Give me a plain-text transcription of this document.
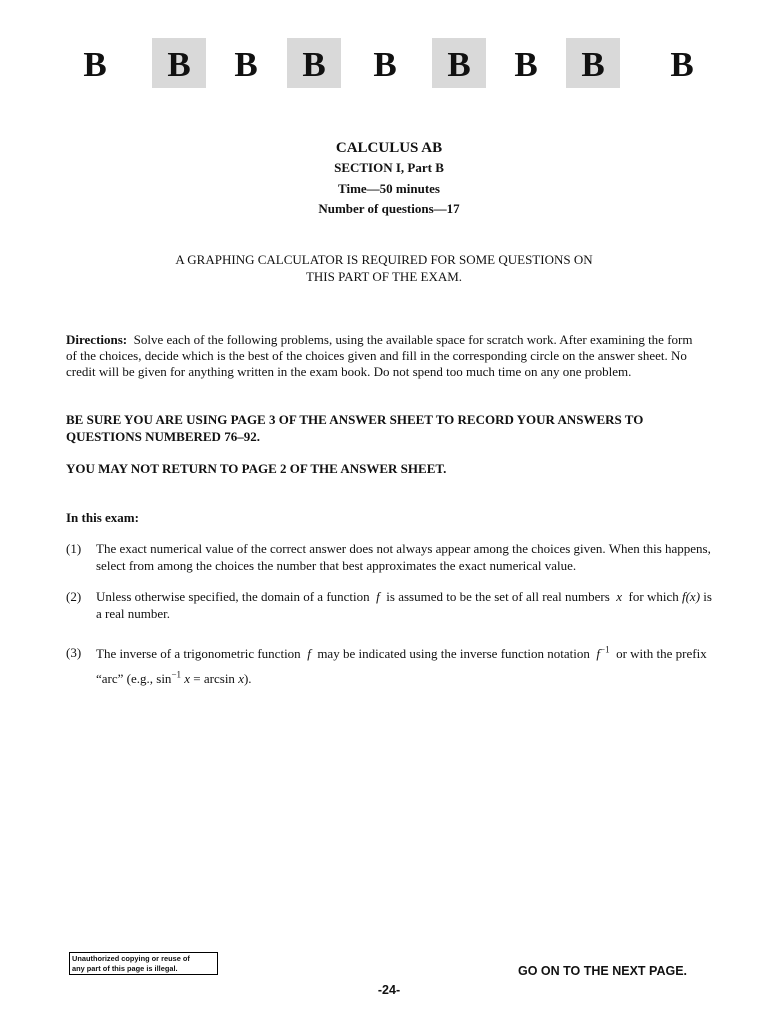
B	B	B	B	B	B	B	B	B
CALCULUS AB
SECTION I, Part B
Time—50 minutes
Number of questions—17
A GRAPHING CALCULATOR IS REQUIRED FOR SOME QUESTIONS ON
THIS PART OF THE EXAM.
Directions: Solve each of the following problems, using the available space for scratch work. After examining the form of the choices, decide which is the best of the choices given and fill in the corresponding circle on the answer sheet. No credit will be given for anything written in the exam book. Do not spend too much time on any one problem.
BE SURE YOU ARE USING PAGE 3 OF THE ANSWER SHEET TO RECORD YOUR ANSWERS TO QUESTIONS NUMBERED 76–92.
YOU MAY NOT RETURN TO PAGE 2 OF THE ANSWER SHEET.
In this exam:
(1) The exact numerical value of the correct answer does not always appear among the choices given. When this happens, select from among the choices the number that best approximates the exact numerical value.
(2) Unless otherwise specified, the domain of a function f is assumed to be the set of all real numbers x for which f(x) is a real number.
(3) The inverse of a trigonometric function f may be indicated using the inverse function notation $f^{-1}$ or with the prefix “arc” (e.g., $\sin^{-1} x = \arcsin x$).
Unauthorized copying or reuse of
any part of this page is illegal.	GO ON TO THE NEXT PAGE.
-24-
